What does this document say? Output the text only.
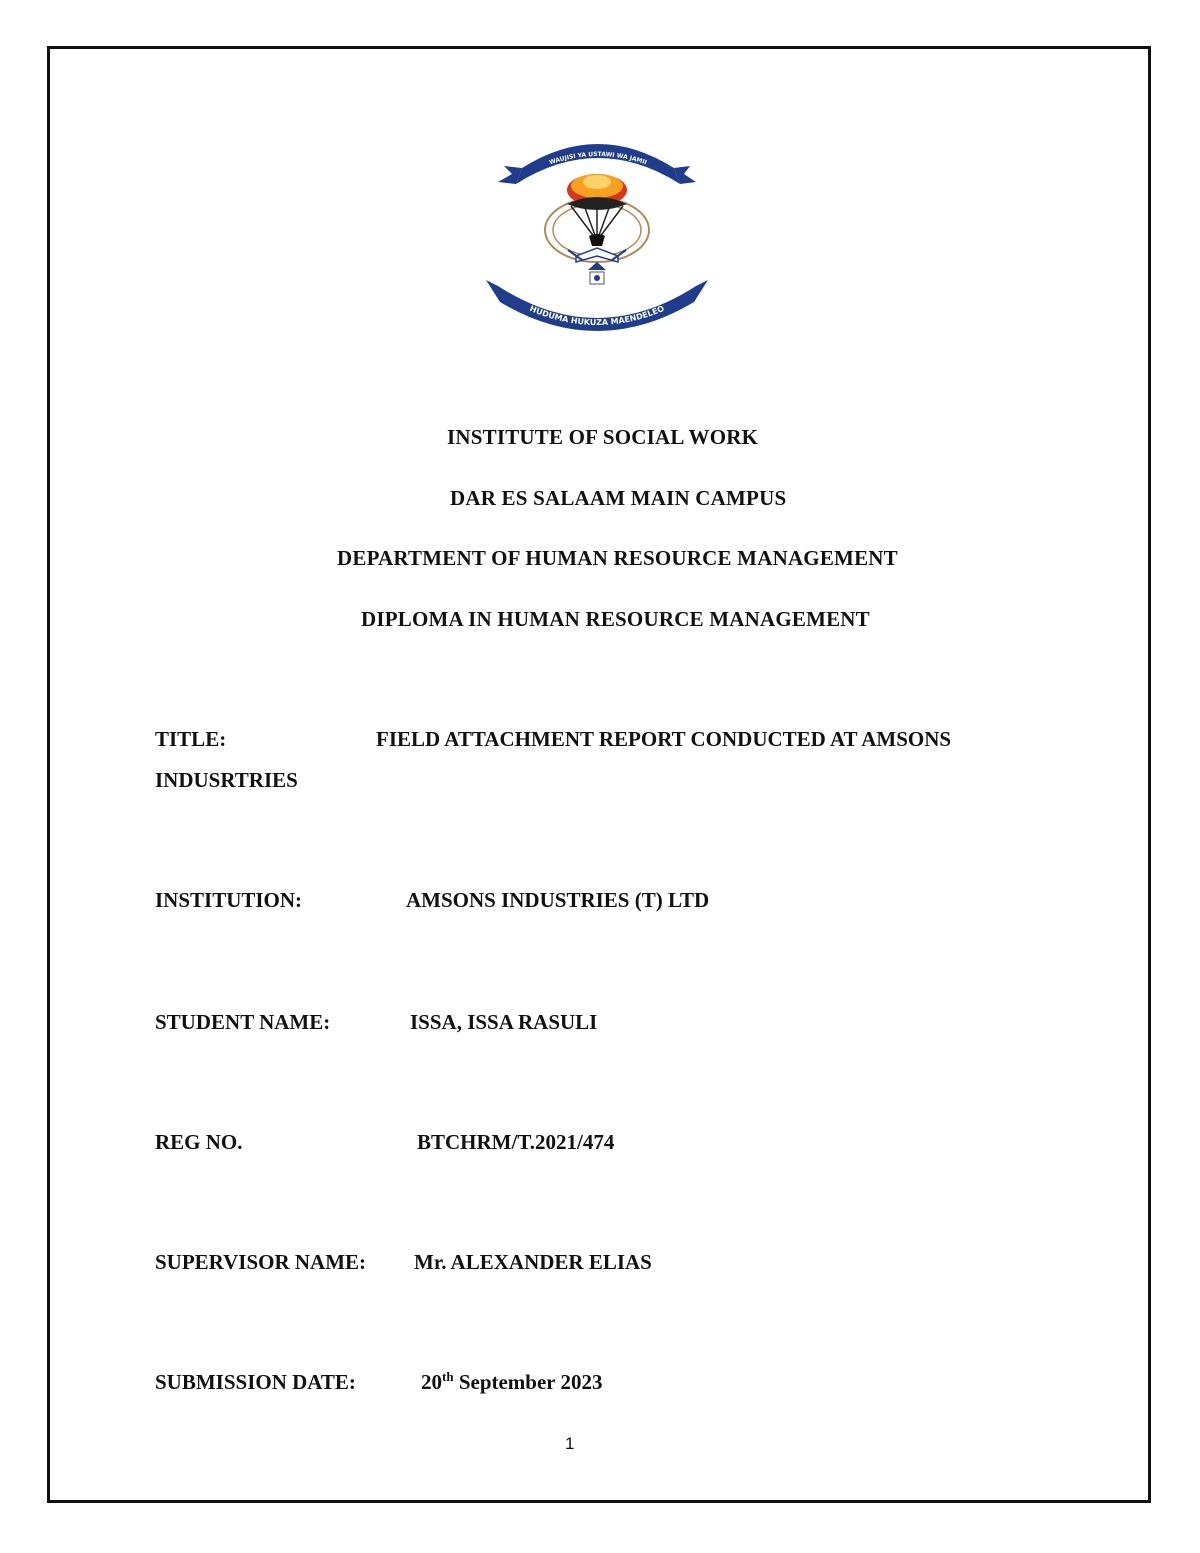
WAUJISI YA USTAWI WA JAMII
HUDUMA HUKUZA MAENDELEO
INSTITUTE OF SOCIAL WORK
DAR ES SALAAM MAIN CAMPUS
DEPARTMENT OF HUMAN RESOURCE MANAGEMENT
DIPLOMA IN HUMAN RESOURCE MANAGEMENT
TITLE:	FIELD ATTACHMENT REPORT CONDUCTED AT AMSONS
INDUSRTRIES
INSTITUTION:	AMSONS INDUSTRIES (T) LTD
STUDENT NAME:	ISSA, ISSA RASULI
REG NO.	BTCHRM/T.2021/474
SUPERVISOR NAME: Mr. ALEXANDER ELIAS
SUBMISSION DATE:	20th September 2023
1
